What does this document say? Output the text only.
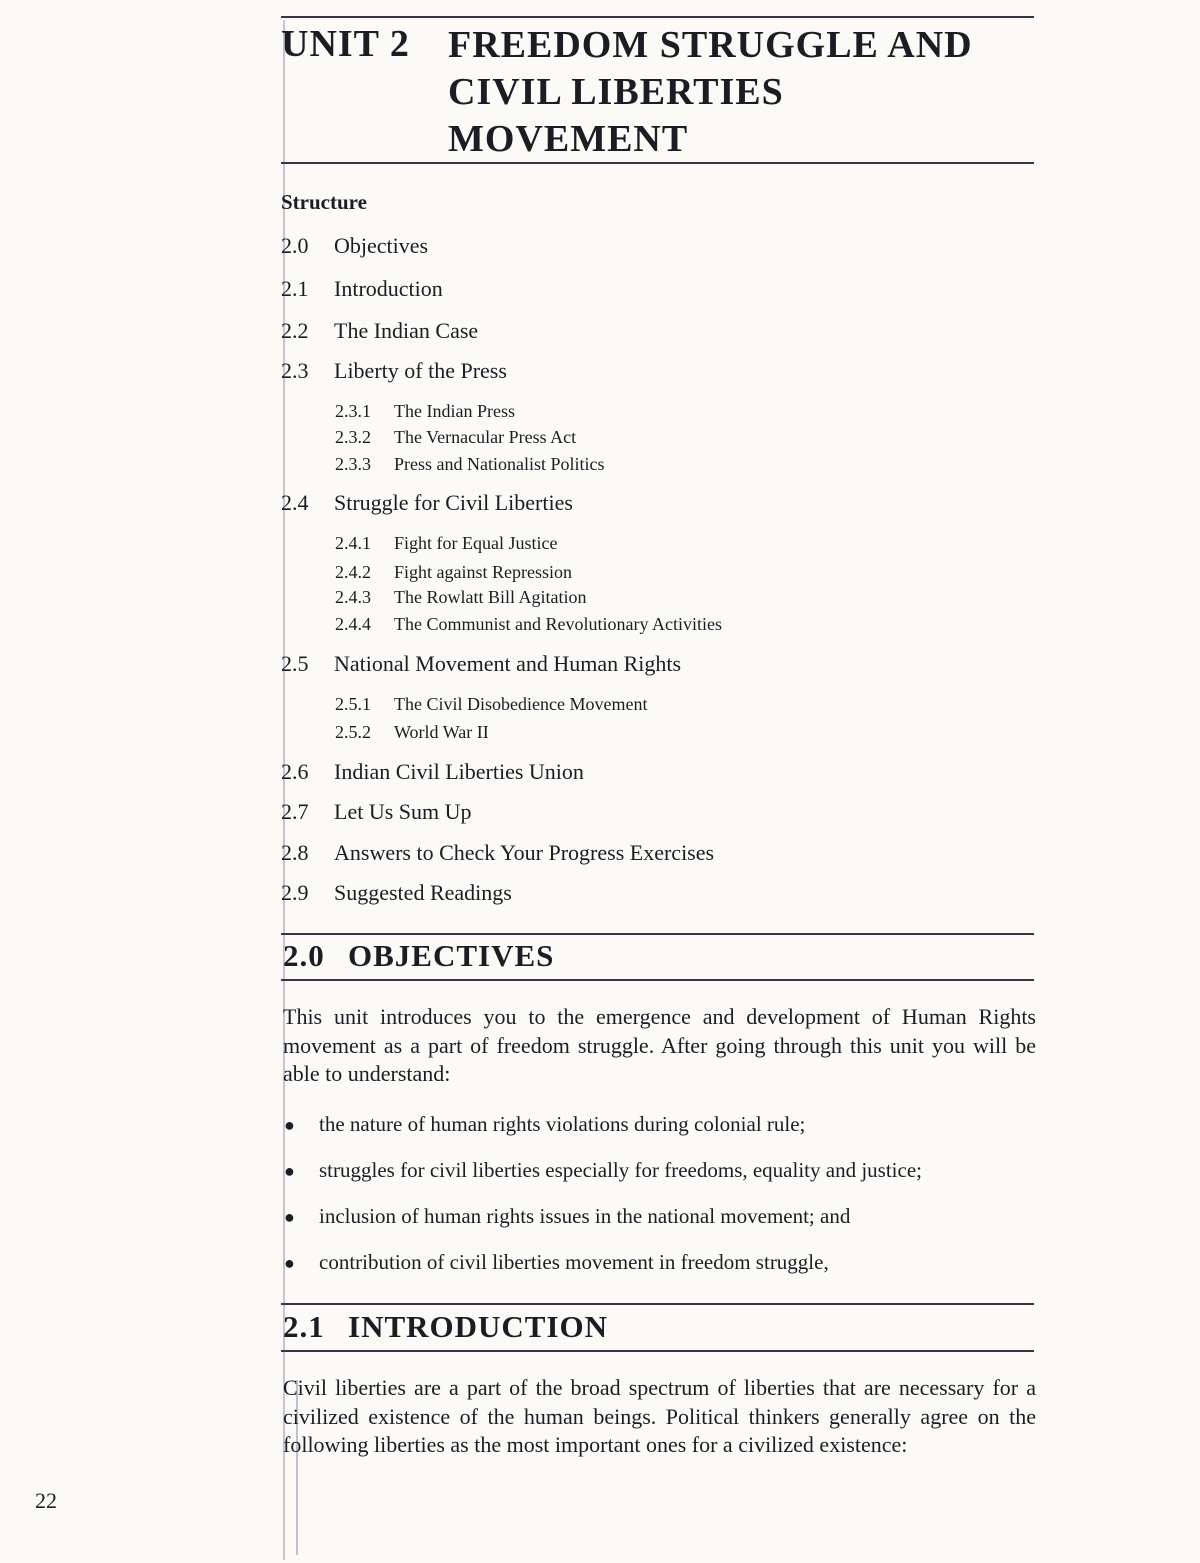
UNIT 2 FREEDOM STRUGGLE AND
CIVIL LIBERTIES
MOVEMENT
Structure
2.0 Objectives
2.1 Introduction
2.2 The Indian Case
2.3 Liberty of the Press
2.3.1 The Indian Press
2.3.2 The Vernacular Press Act
2.3.3 Press and Nationalist Politics
2.4 Struggle for Civil Liberties
2.4.1 Fight for Equal Justice
2.4.2 Fight against Repression
2.4.3 The Rowlatt Bill Agitation
2.4.4 The Communist and Revolutionary Activities
2.5 National Movement and Human Rights
2.5.1 The Civil Disobedience Movement
2.5.2 World War II
2.6 Indian Civil Liberties Union
2.7 Let Us Sum Up
2.8 Answers to Check Your Progress Exercises
2.9 Suggested Readings
2.0 OBJECTIVES
This unit introduces you to the emergence and development of Human Rights movement as a part of freedom struggle. After going through this unit you will be able to understand:
● the nature of human rights violations during colonial rule;
● struggles for civil liberties especially for freedoms, equality and justice;
● inclusion of human rights issues in the national movement; and
● contribution of civil liberties movement in freedom struggle,
2.1 INTRODUCTION
Civil liberties are a part of the broad spectrum of liberties that are necessary for a civilized existence of the human beings. Political thinkers generally agree on the following liberties as the most important ones for a civilized existence:
22
